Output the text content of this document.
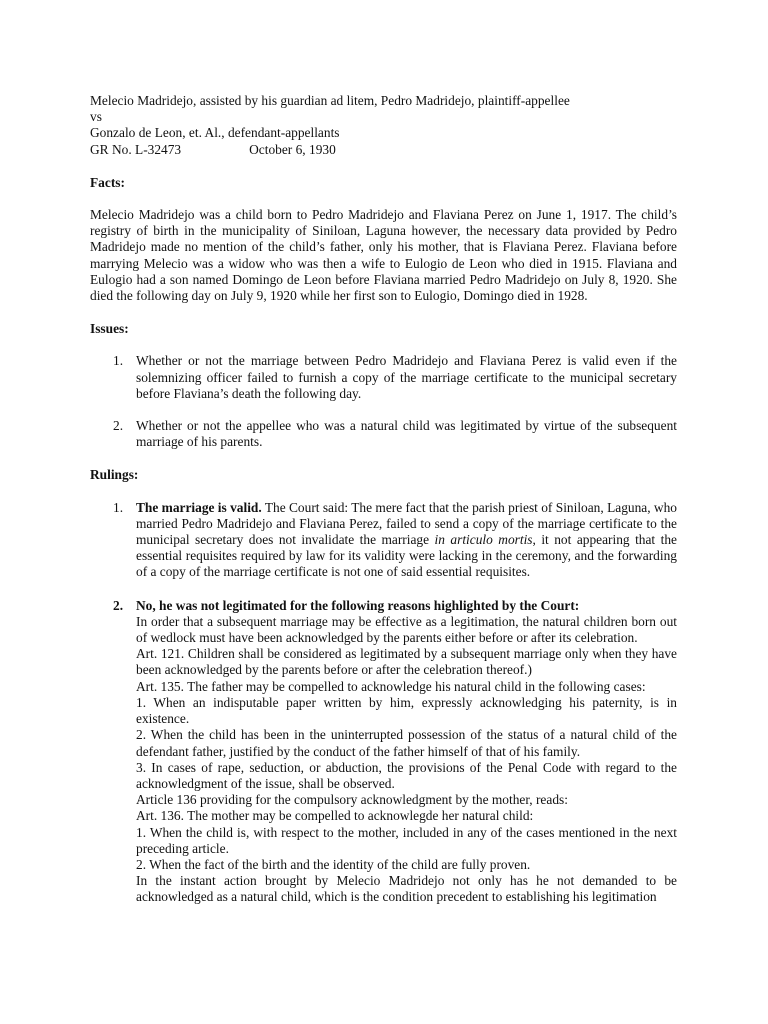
Melecio Madridejo, assisted by his guardian ad litem, Pedro Madridejo, plaintiff-appellee
vs
Gonzalo de Leon, et. Al., defendant-appellants
GR No. L-32473	October 6, 1930
Facts:
Melecio Madridejo was a child born to Pedro Madridejo and Flaviana Perez on June 1, 1917. The child’s registry of birth in the municipality of Siniloan, Laguna however, the necessary data provided by Pedro Madridejo made no mention of the child’s father, only his mother, that is Flaviana Perez. Flaviana before marrying Melecio was a widow who was then a wife to Eulogio de Leon who died in 1915. Flaviana and Eulogio had a son named Domingo de Leon before Flaviana married Pedro Madridejo on July 8, 1920. She died the following day on July 9, 1920 while her first son to Eulogio, Domingo died in 1928.
Issues:
1. Whether or not the marriage between Pedro Madridejo and Flaviana Perez is valid even if the solemnizing officer failed to furnish a copy of the marriage certificate to the municipal secretary before Flaviana’s death the following day.
2. Whether or not the appellee who was a natural child was legitimated by virtue of the subsequent marriage of his parents.
Rulings:
1. The marriage is valid. The Court said: The mere fact that the parish priest of Siniloan, Laguna, who married Pedro Madridejo and Flaviana Perez, failed to send a copy of the marriage certificate to the municipal secretary does not invalidate the marriage in articulo mortis, it not appearing that the essential requisites required by law for its validity were lacking in the ceremony, and the forwarding of a copy of the marriage certificate is not one of said essential requisites.
2. No, he was not legitimated for the following reasons highlighted by the Court:
In order that a subsequent marriage may be effective as a legitimation, the natural children born out of wedlock must have been acknowledged by the parents either before or after its celebration.
Art. 121. Children shall be considered as legitimated by a subsequent marriage only when they have been acknowledged by the parents before or after the celebration thereof.)
Art. 135. The father may be compelled to acknowledge his natural child in the following cases:
1. When an indisputable paper written by him, expressly acknowledging his paternity, is in existence.
2. When the child has been in the uninterrupted possession of the status of a natural child of the defendant father, justified by the conduct of the father himself of that of his family.
3. In cases of rape, seduction, or abduction, the provisions of the Penal Code with regard to the acknowledgment of the issue, shall be observed.
Article 136 providing for the compulsory acknowledgment by the mother, reads:
Art. 136. The mother may be compelled to acknowlegde her natural child:
1. When the child is, with respect to the mother, included in any of the cases mentioned in the next preceding article.
2. When the fact of the birth and the identity of the child are fully proven.
In the instant action brought by Melecio Madridejo not only has he not demanded to be acknowledged as a natural child, which is the condition precedent to establishing his legitimation
